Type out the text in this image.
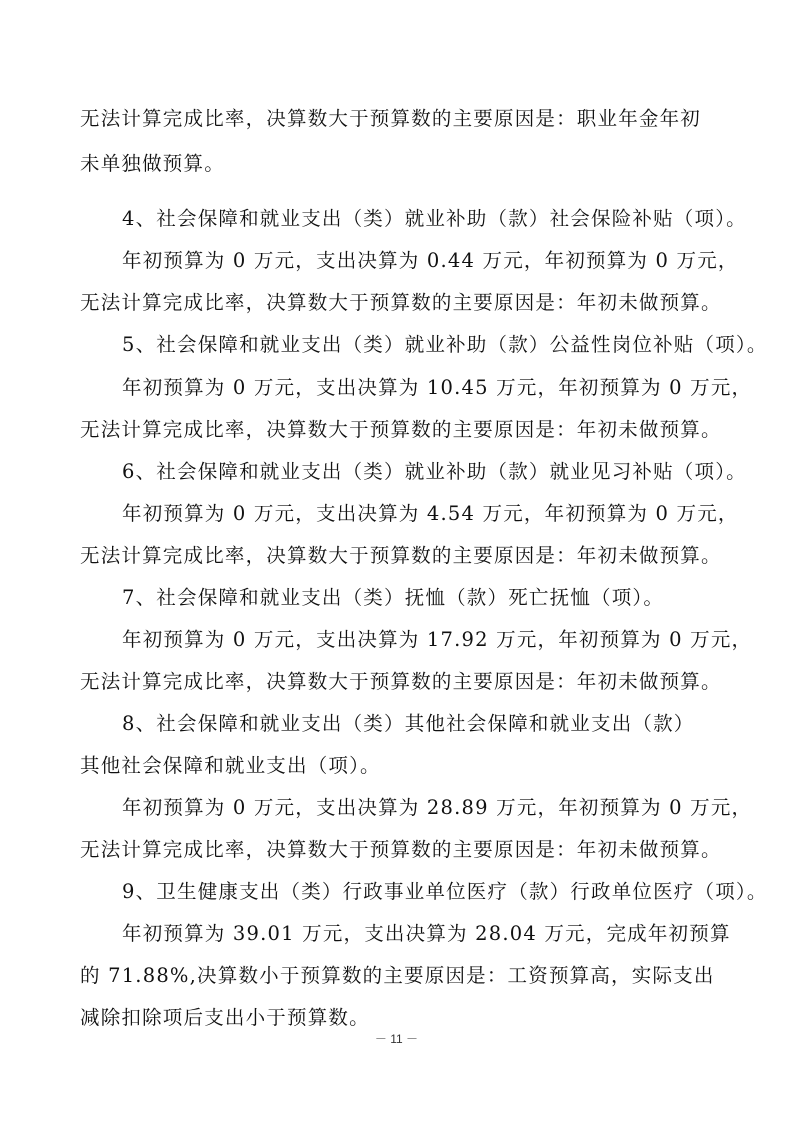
无法计算完成比率，决算数大于预算数的主要原因是：职业年金年初
未单独做预算。
4、社会保障和就业支出（类）就业补助（款）社会保险补贴（项）。
年初预算为 0 万元，支出决算为 0.44 万元，年初预算为 0 万元，
无法计算完成比率，决算数大于预算数的主要原因是：年初未做预算。
5、社会保障和就业支出（类）就业补助（款）公益性岗位补贴（项）。
年初预算为 0 万元，支出决算为 10.45 万元，年初预算为 0 万元，
无法计算完成比率，决算数大于预算数的主要原因是：年初未做预算。
6、社会保障和就业支出（类）就业补助（款）就业见习补贴（项）。
年初预算为 0 万元，支出决算为 4.54 万元，年初预算为 0 万元，
无法计算完成比率，决算数大于预算数的主要原因是：年初未做预算。
7、社会保障和就业支出（类）抚恤（款）死亡抚恤（项）。
年初预算为 0 万元，支出决算为 17.92 万元，年初预算为 0 万元，
无法计算完成比率，决算数大于预算数的主要原因是：年初未做预算。
8、社会保障和就业支出（类）其他社会保障和就业支出（款）
其他社会保障和就业支出（项）。
年初预算为 0 万元，支出决算为 28.89 万元，年初预算为 0 万元，
无法计算完成比率，决算数大于预算数的主要原因是：年初未做预算。
9、卫生健康支出（类）行政事业单位医疗（款）行政单位医疗（项）。
年初预算为 39.01 万元，支出决算为 28.04 万元，完成年初预算
的 71.88%,决算数小于预算数的主要原因是：工资预算高，实际支出
减除扣除项后支出小于预算数。
－ 11 －
